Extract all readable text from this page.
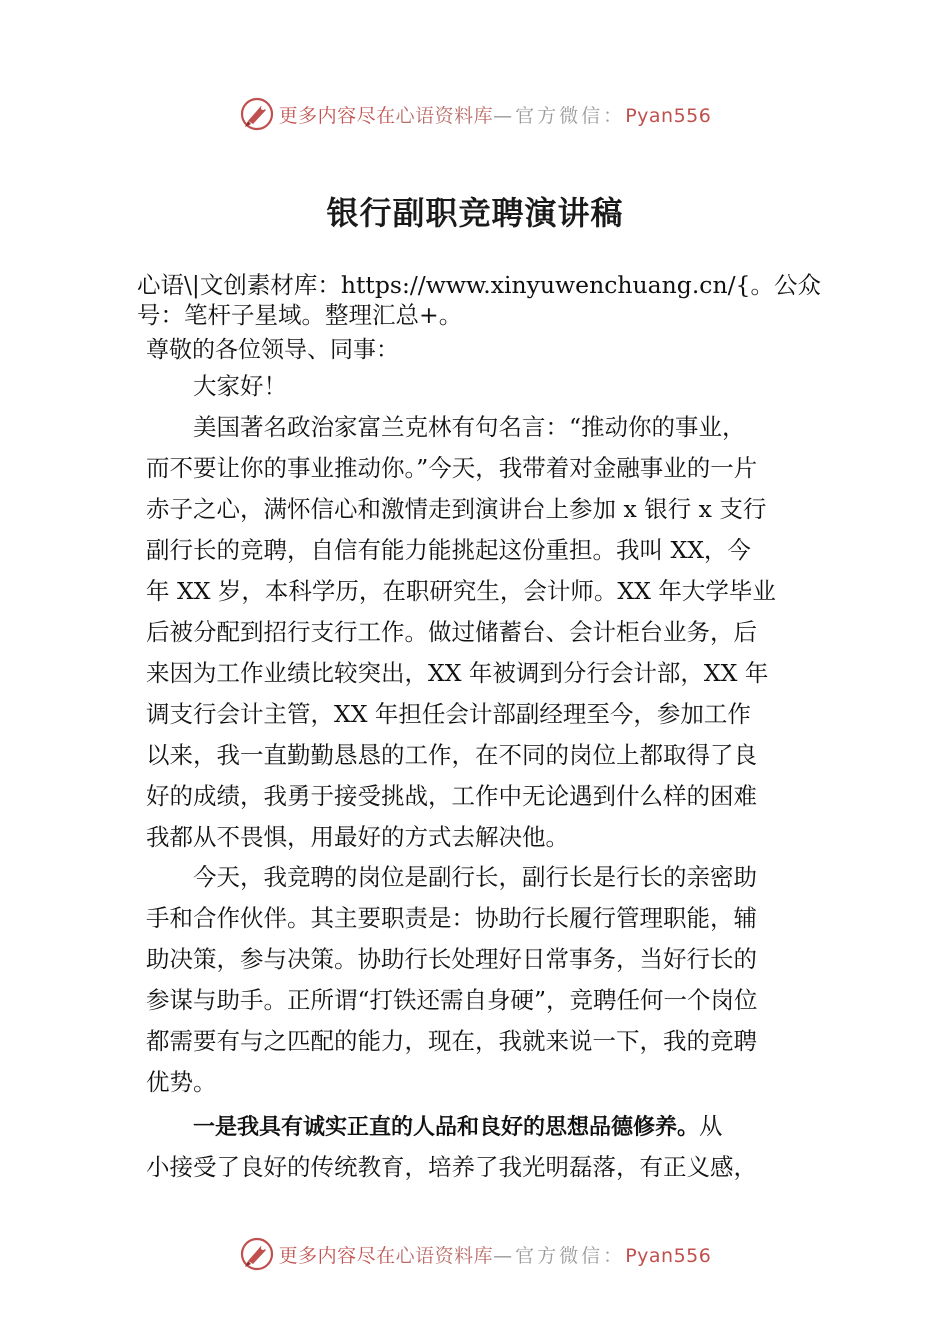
更多内容尽在心语资料库—官方微信：Pyan556
银行副职竞聘演讲稿
心语\|文创素材库：https://www.xinyuwenchuang.cn/{。公众
号：笔杆子星域。整理汇总+。
尊敬的各位领导、同事：
大家好！
美国著名政治家富兰克林有句名言：“推动你的事业，
而不要让你的事业推动你。”今天，我带着对金融事业的一片
赤子之心，满怀信心和激情走到演讲台上参加 x 银行 x 支行
副行长的竞聘，自信有能力能挑起这份重担。我叫 XX，今
年 XX 岁，本科学历，在职研究生，会计师。XX 年大学毕业
后被分配到招行支行工作。做过储蓄台、会计柜台业务，后
来因为工作业绩比较突出，XX 年被调到分行会计部，XX 年
调支行会计主管，XX 年担任会计部副经理至今，参加工作
以来，我一直勤勤恳恳的工作，在不同的岗位上都取得了良
好的成绩，我勇于接受挑战，工作中无论遇到什么样的困难
我都从不畏惧，用最好的方式去解决他。
今天，我竞聘的岗位是副行长，副行长是行长的亲密助
手和合作伙伴。其主要职责是：协助行长履行管理职能，辅
助决策，参与决策。协助行长处理好日常事务，当好行长的
参谋与助手。正所谓“打铁还需自身硬”，竞聘任何一个岗位
都需要有与之匹配的能力，现在，我就来说一下，我的竞聘
优势。
一是我具有诚实正直的人品和良好的思想品德修养。从
小接受了良好的传统教育，培养了我光明磊落，有正义感，
更多内容尽在心语资料库—官方微信：Pyan556
